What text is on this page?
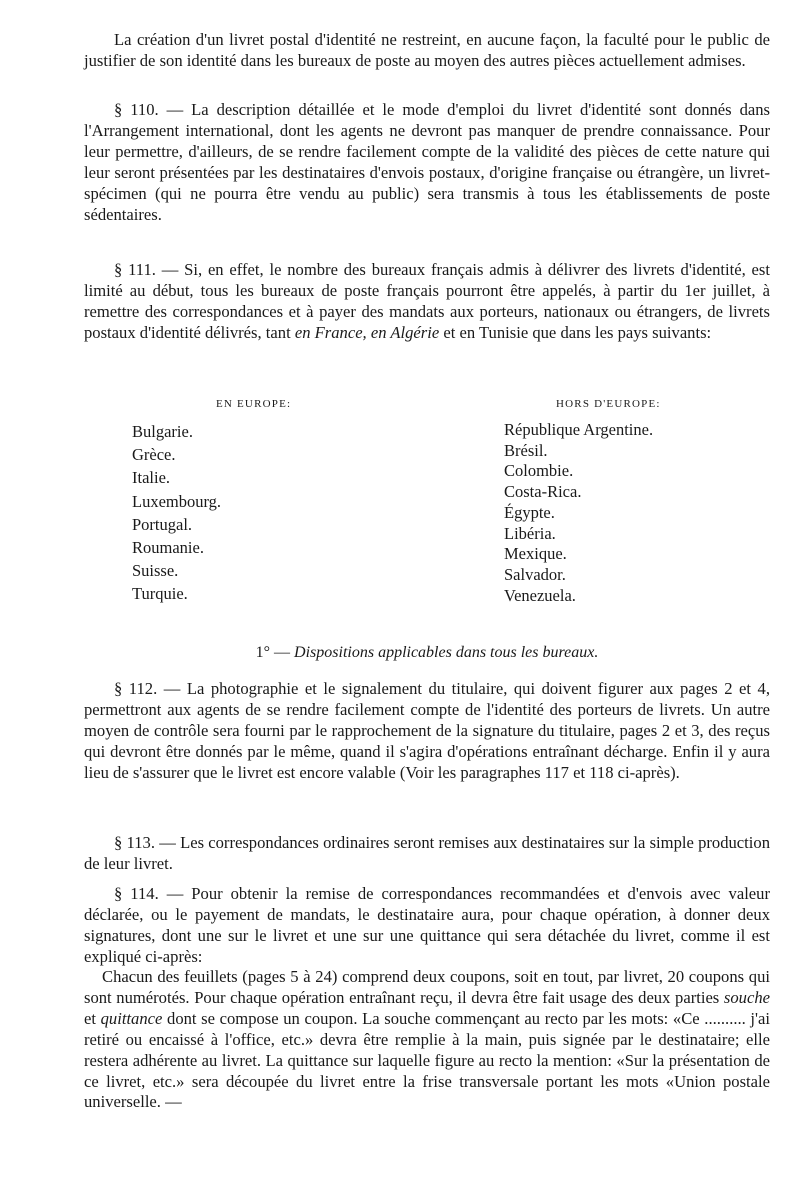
La création d'un livret postal d'identité ne restreint, en aucune façon, la faculté pour le public de justifier de son identité dans les bureaux de poste au moyen des autres pièces actuellement admises.

§ 110. — La description détaillée et le mode d'emploi du livret d'identité sont donnés dans l'Arrangement international, dont les agents ne devront pas manquer de prendre connaissance. Pour leur permettre, d'ailleurs, de se rendre facilement compte de la validité des pièces de cette nature qui leur seront présentées par les destinataires d'envois postaux, d'origine française ou étrangère, un livret-spécimen (qui ne pourra être vendu au public) sera transmis à tous les établissements de poste sédentaires.

§ 111. — Si, en effet, le nombre des bureaux français admis à délivrer des livrets d'identité, est limité au début, tous les bureaux de poste français pourront être appelés, à partir du 1er juillet, à remettre des correspondances et à payer des mandats aux porteurs, nationaux ou étrangers, de livrets postaux d'identité délivrés, tant en France, en Algérie et en Tunisie que dans les pays suivants:

EN EUROPE:

Bulgarie.
Grèce.
Italie.
Luxembourg.
Portugal.
Roumanie.
Suisse.
Turquie.

HORS D'EUROPE:

République Argentine.
Brésil.
Colombie.
Costa-Rica.
Égypte.
Libéria.
Mexique.
Salvador.
Venezuela.
1° — Dispositions applicables dans tous les bureaux.

§ 112. — La photographie et le signalement du titulaire, qui doivent figurer aux pages 2 et 4, permettront aux agents de se rendre facilement compte de l'identité des porteurs de livrets. Un autre moyen de contrôle sera fourni par le rapprochement de la signature du titulaire, pages 2 et 3, des reçus qui devront être donnés par le même, quand il s'agira d'opérations entraînant décharge. Enfin il y aura lieu de s'assurer que le livret est encore valable (Voir les paragraphes 117 et 118 ci-après).

§ 113. — Les correspondances ordinaires seront remises aux destinataires sur la simple production de leur livret.

§ 114. — Pour obtenir la remise de correspondances recommandées et d'envois avec valeur déclarée, ou le payement de mandats, le destinataire aura, pour chaque opération, à donner deux signatures, dont une sur le livret et une sur une quittance qui sera détachée du livret, comme il est expliqué ci-après:

Chacun des feuillets (pages 5 à 24) comprend deux coupons, soit en tout, par livret, 20 coupons qui sont numérotés. Pour chaque opération entraînant reçu, il devra être fait usage des deux parties souche et quittance dont se compose un coupon. La souche commençant au recto par les mots: «Ce .......... j'ai retiré ou encaissé à l'office, etc.» devra être remplie à la main, puis signée par le destinataire; elle restera adhérente au livret. La quittance sur laquelle figure au recto la mention: «Sur la présentation de ce livret, etc.» sera découpée du livret entre la frise transversale portant les mots «Union postale universelle. —
